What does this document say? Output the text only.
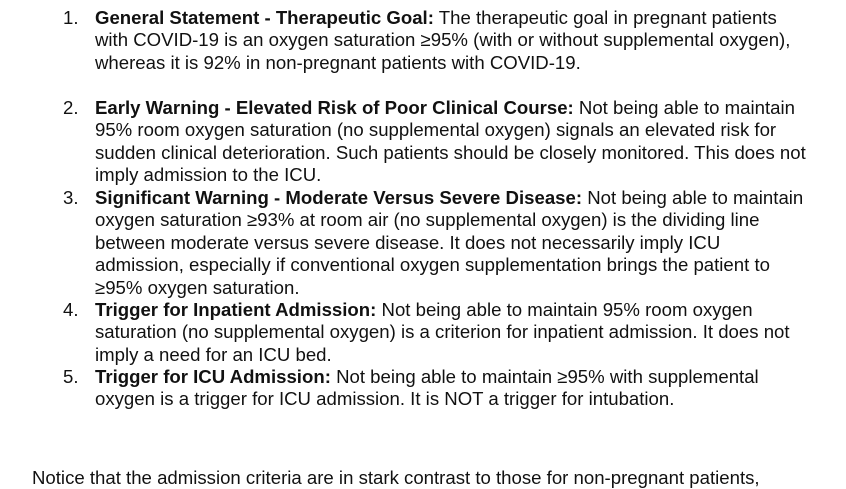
1. General Statement - Therapeutic Goal: The therapeutic goal in pregnant patients with COVID-19 is an oxygen saturation ≥95% (with or without supplemental oxygen), whereas it is 92% in non-pregnant patients with COVID-19.
2. Early Warning - Elevated Risk of Poor Clinical Course: Not being able to maintain 95% room oxygen saturation (no supplemental oxygen) signals an elevated risk for sudden clinical deterioration. Such patients should be closely monitored. This does not imply admission to the ICU.
3. Significant Warning - Moderate Versus Severe Disease: Not being able to maintain oxygen saturation ≥93% at room air (no supplemental oxygen) is the dividing line between moderate versus severe disease. It does not necessarily imply ICU admission, especially if conventional oxygen supplementation brings the patient to ≥95% oxygen saturation.
4. Trigger for Inpatient Admission: Not being able to maintain 95% room oxygen saturation (no supplemental oxygen) is a criterion for inpatient admission. It does not imply a need for an ICU bed.
5. Trigger for ICU Admission: Not being able to maintain ≥95% with supplemental oxygen is a trigger for ICU admission. It is NOT a trigger for intubation.

Notice that the admission criteria are in stark contrast to those for non-pregnant patients,
